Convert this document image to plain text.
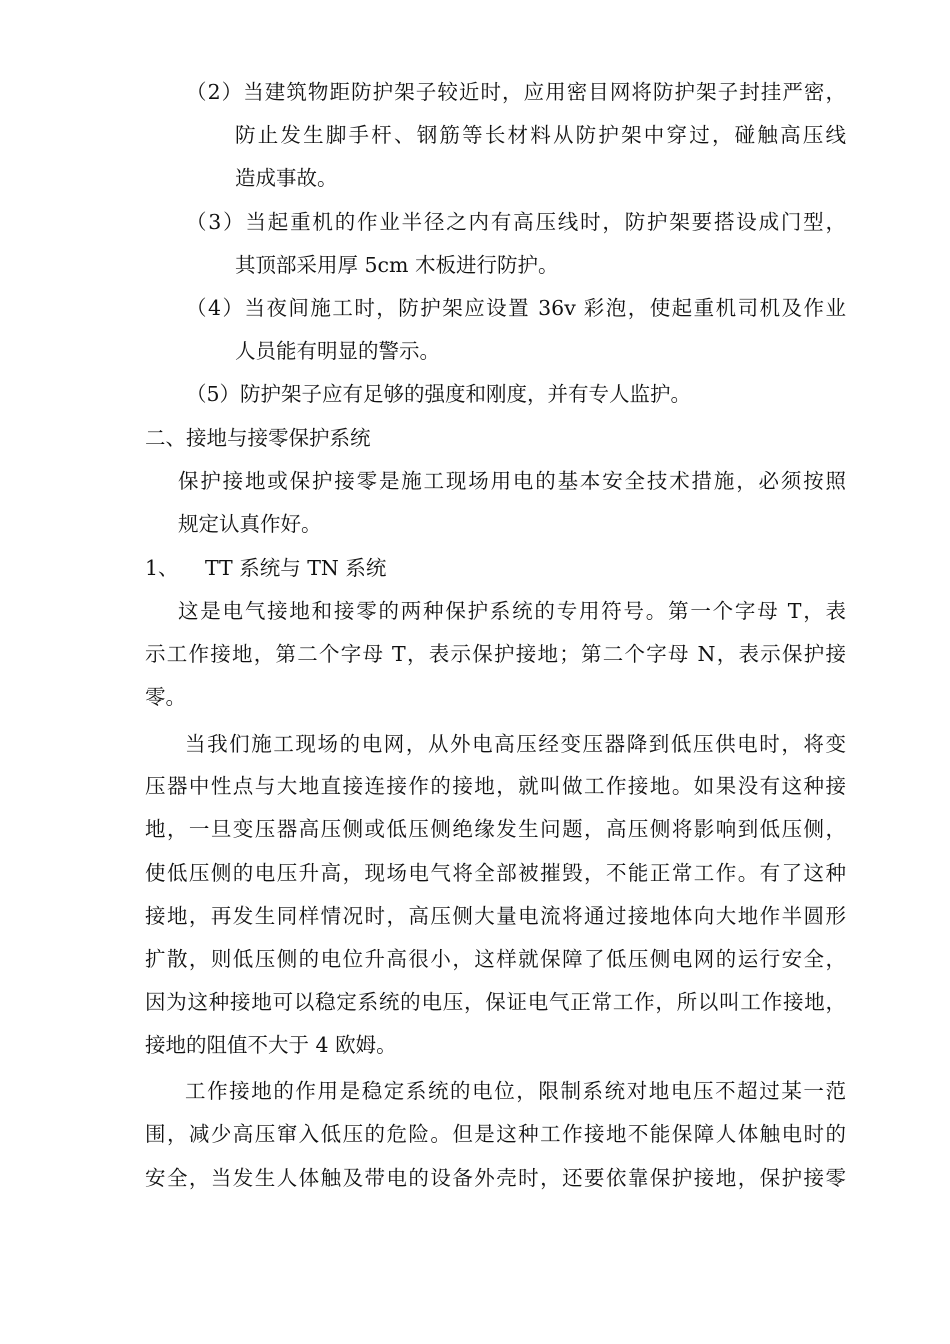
（2）当建筑物距防护架子较近时，应用密目网将防护架子封挂严密，

防止发生脚手杆、钢筋等长材料从防护架中穿过，碰触高压线

造成事故。

（3）当起重机的作业半径之内有高压线时，防护架要搭设成门型，

其顶部采用厚 5cm 木板进行防护。

（4）当夜间施工时，防护架应设置 36v 彩泡，使起重机司机及作业

人员能有明显的警示。

（5）防护架子应有足够的强度和刚度，并有专人监护。

二、接地与接零保护系统

保护接地或保护接零是施工现场用电的基本安全技术措施，必须按照

规定认真作好。

1、 TT 系统与 TN 系统

这是电气接地和接零的两种保护系统的专用符号。第一个字母 T，表

示工作接地，第二个字母 T，表示保护接地；第二个字母 N，表示保护接

零。

当我们施工现场的电网，从外电高压经变压器降到低压供电时，将变

压器中性点与大地直接连接作的接地，就叫做工作接地。如果没有这种接

地，一旦变压器高压侧或低压侧绝缘发生问题，高压侧将影响到低压侧，

使低压侧的电压升高，现场电气将全部被摧毁，不能正常工作。有了这种

接地，再发生同样情况时，高压侧大量电流将通过接地体向大地作半圆形

扩散，则低压侧的电位升高很小，这样就保障了低压侧电网的运行安全，

因为这种接地可以稳定系统的电压，保证电气正常工作，所以叫工作接地，

接地的阻值不大于 4 欧姆。

工作接地的作用是稳定系统的电位，限制系统对地电压不超过某一范

围，减少高压窜入低压的危险。但是这种工作接地不能保障人体触电时的

安全，当发生人体触及带电的设备外壳时，还要依靠保护接地，保护接零
